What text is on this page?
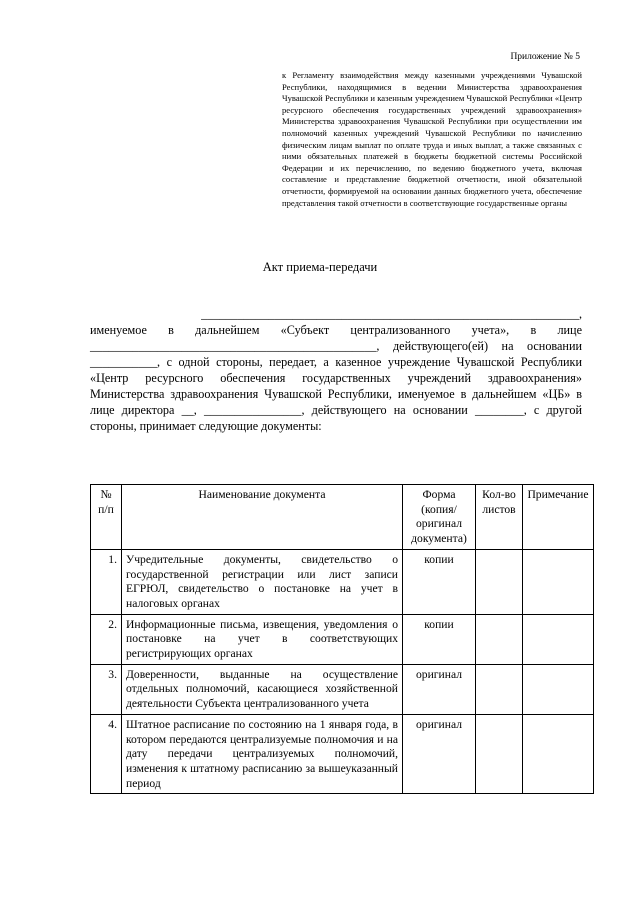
Приложение № 5
к Регламенту взаимодействия между казенными учреждениями Чувашской Республики, находящимися в ведении Министерства здравоохранения Чувашской Республики и казенным учреждением Чувашской Республики «Центр ресурсного обеспечения государственных учреждений здравоохранения» Министерства здравоохранения Чувашской Республики при осуществлении им полномочий казенных учреждений Чувашской Республики по начислению физическим лицам выплат по оплате труда и иных выплат, а также связанных с ними обязательных платежей в бюджеты бюджетной системы Российской Федерации и их перечислению, по ведению бюджетного учета, включая составление и представление бюджетной отчетности, иной обязательной отчетности, формируемой на основании данных бюджетного учета, обеспечение представления такой отчетности в соответствующие государственные органы
Акт приема-передачи

______________________________________________________________,

именуемое в дальнейшем «Субъект централизованного учета», в лице _______________________________________________, действующего(ей) на основании ___________, с одной стороны, передает, а казенное учреждение Чувашской Республики «Центр ресурсного обеспечения государственных учреждений здравоохранения» Министерства здравоохранения Чувашской Республики, именуемое в дальнейшем «ЦБ» в лице директора __, ________________, действующего на основании ________, с другой стороны, принимает следующие документы:

№ п/п	Наименование документа	Форма (копия/оригинал документа)	Кол-во листов	Примечание
1.	Учредительные документы, свидетельство о государственной регистрации или лист записи ЕГРЮЛ, свидетельство о постановке на учет в налоговых органах	копии		
2.	Информационные письма, извещения, уведомления о постановке на учет в соответствующих регистрирующих органах	копии		
3.	Доверенности, выданные на осуществление отдельных полномочий, касающиеся хозяйственной деятельности Субъекта централизованного учета	оригинал		
4.	Штатное расписание по состоянию на 1 января года, в котором передаются централизуемые полномочия и на дату передачи централизуемых полномочий, изменения к штатному расписанию за вышеуказанный период	оригинал		
